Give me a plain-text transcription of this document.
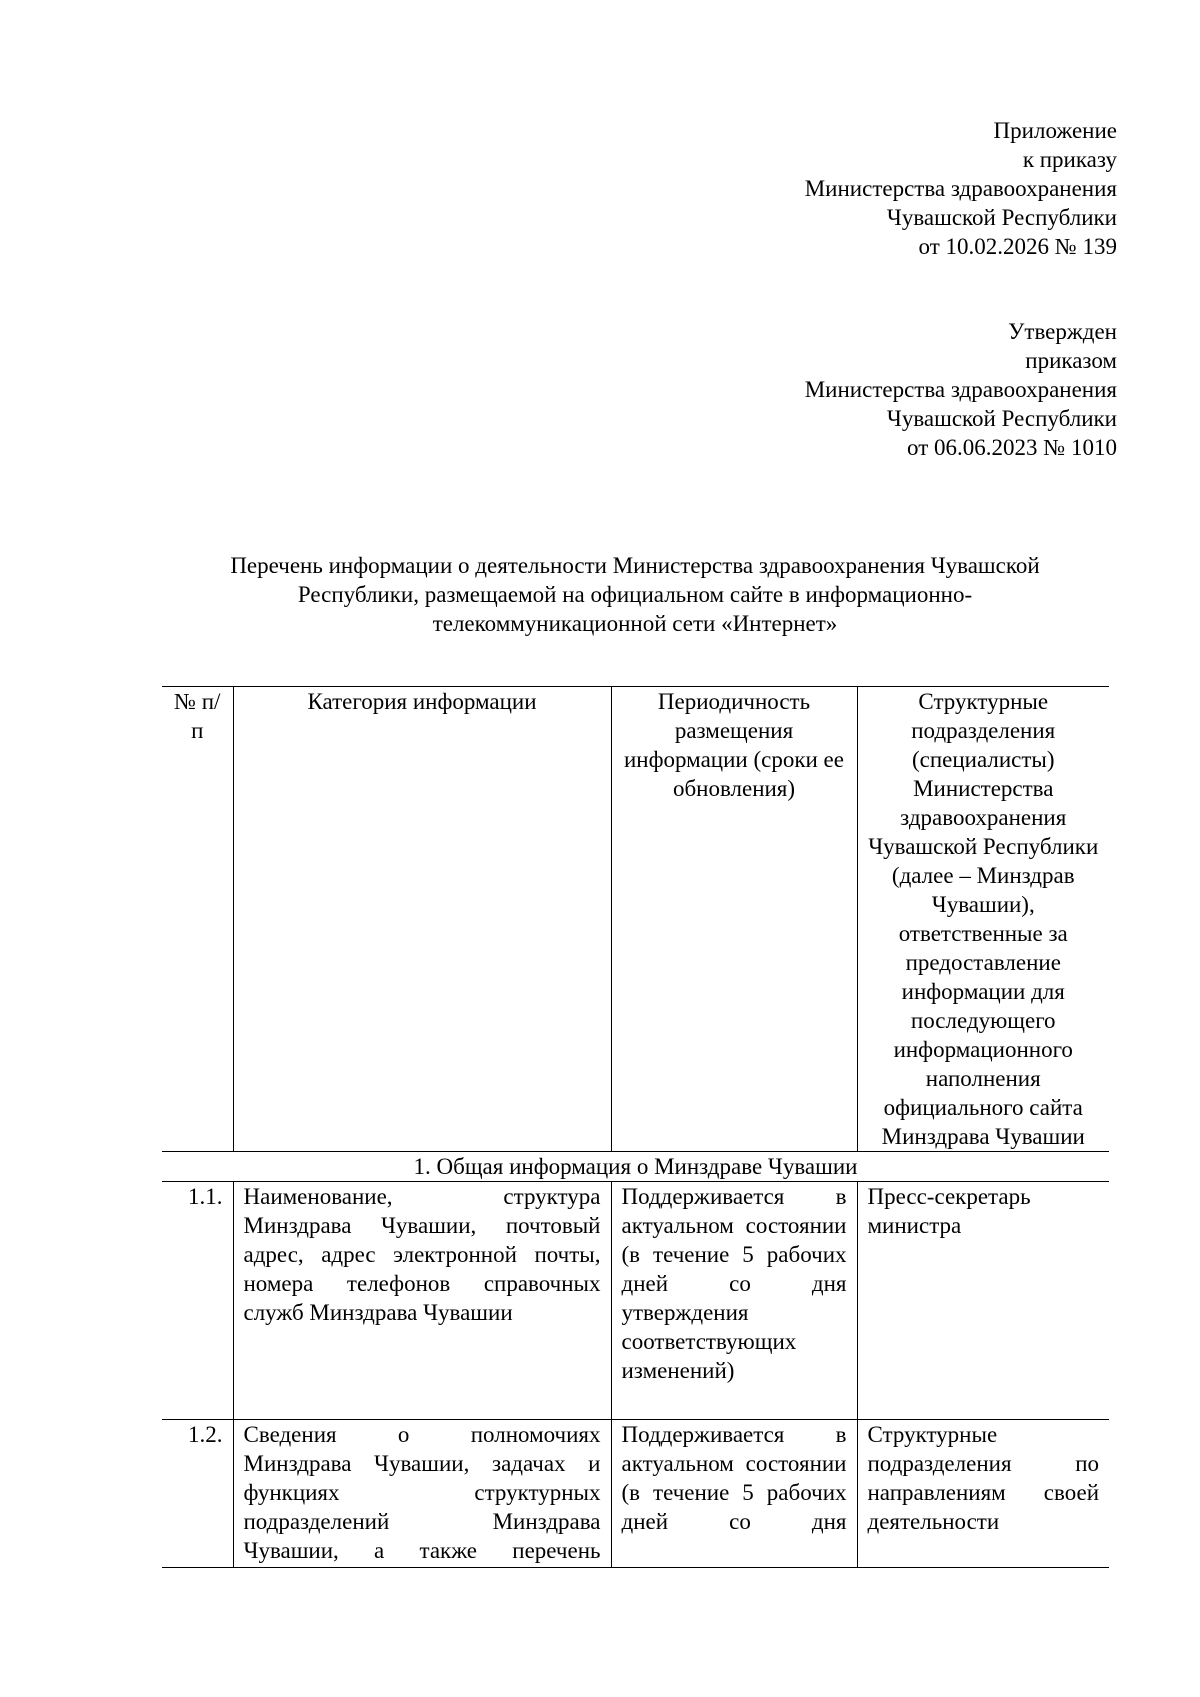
Приложение
к приказу
Министерства здравоохранения
Чувашской Республики
от 10.02.2026 № 139
Утвержден
приказом
Министерства здравоохранения
Чувашской Республики
от 06.06.2023 № 1010
Перечень информации о деятельности Министерства здравоохранения Чувашской
Республики, размещаемой на официальном сайте в информационно-
телекоммуникационной сети «Интернет»
№ п/п	Категория информации	Периодичность размещения информации (сроки ее обновления)	Структурные подразделения (специалисты) Министерства здравоохранения Чувашской Республики (далее – Минздрав Чувашии), ответственные за предоставление информации для последующего информационного наполнения официального сайта Минздрава Чувашии
1. Общая информация о Минздраве Чувашии			
1.1.	Наименование, структура Минздрава Чувашии, почтовый адрес, адрес электронной почты, номера телефонов справочных служб Минздрава Чувашии	Поддерживается в актуальном состоянии (в течение 5 рабочих дней со дня утверждения соответствующих изменений)	Пресс-секретарь министра
1.2.	Сведения о полномочиях Минздрава Чувашии, задачах и функциях структурных подразделений Минздрава Чувашии, а также перечень	Поддерживается в актуальном состоянии (в течение 5 рабочих дней со дня	Структурные подразделения по направлениям своей деятельности
